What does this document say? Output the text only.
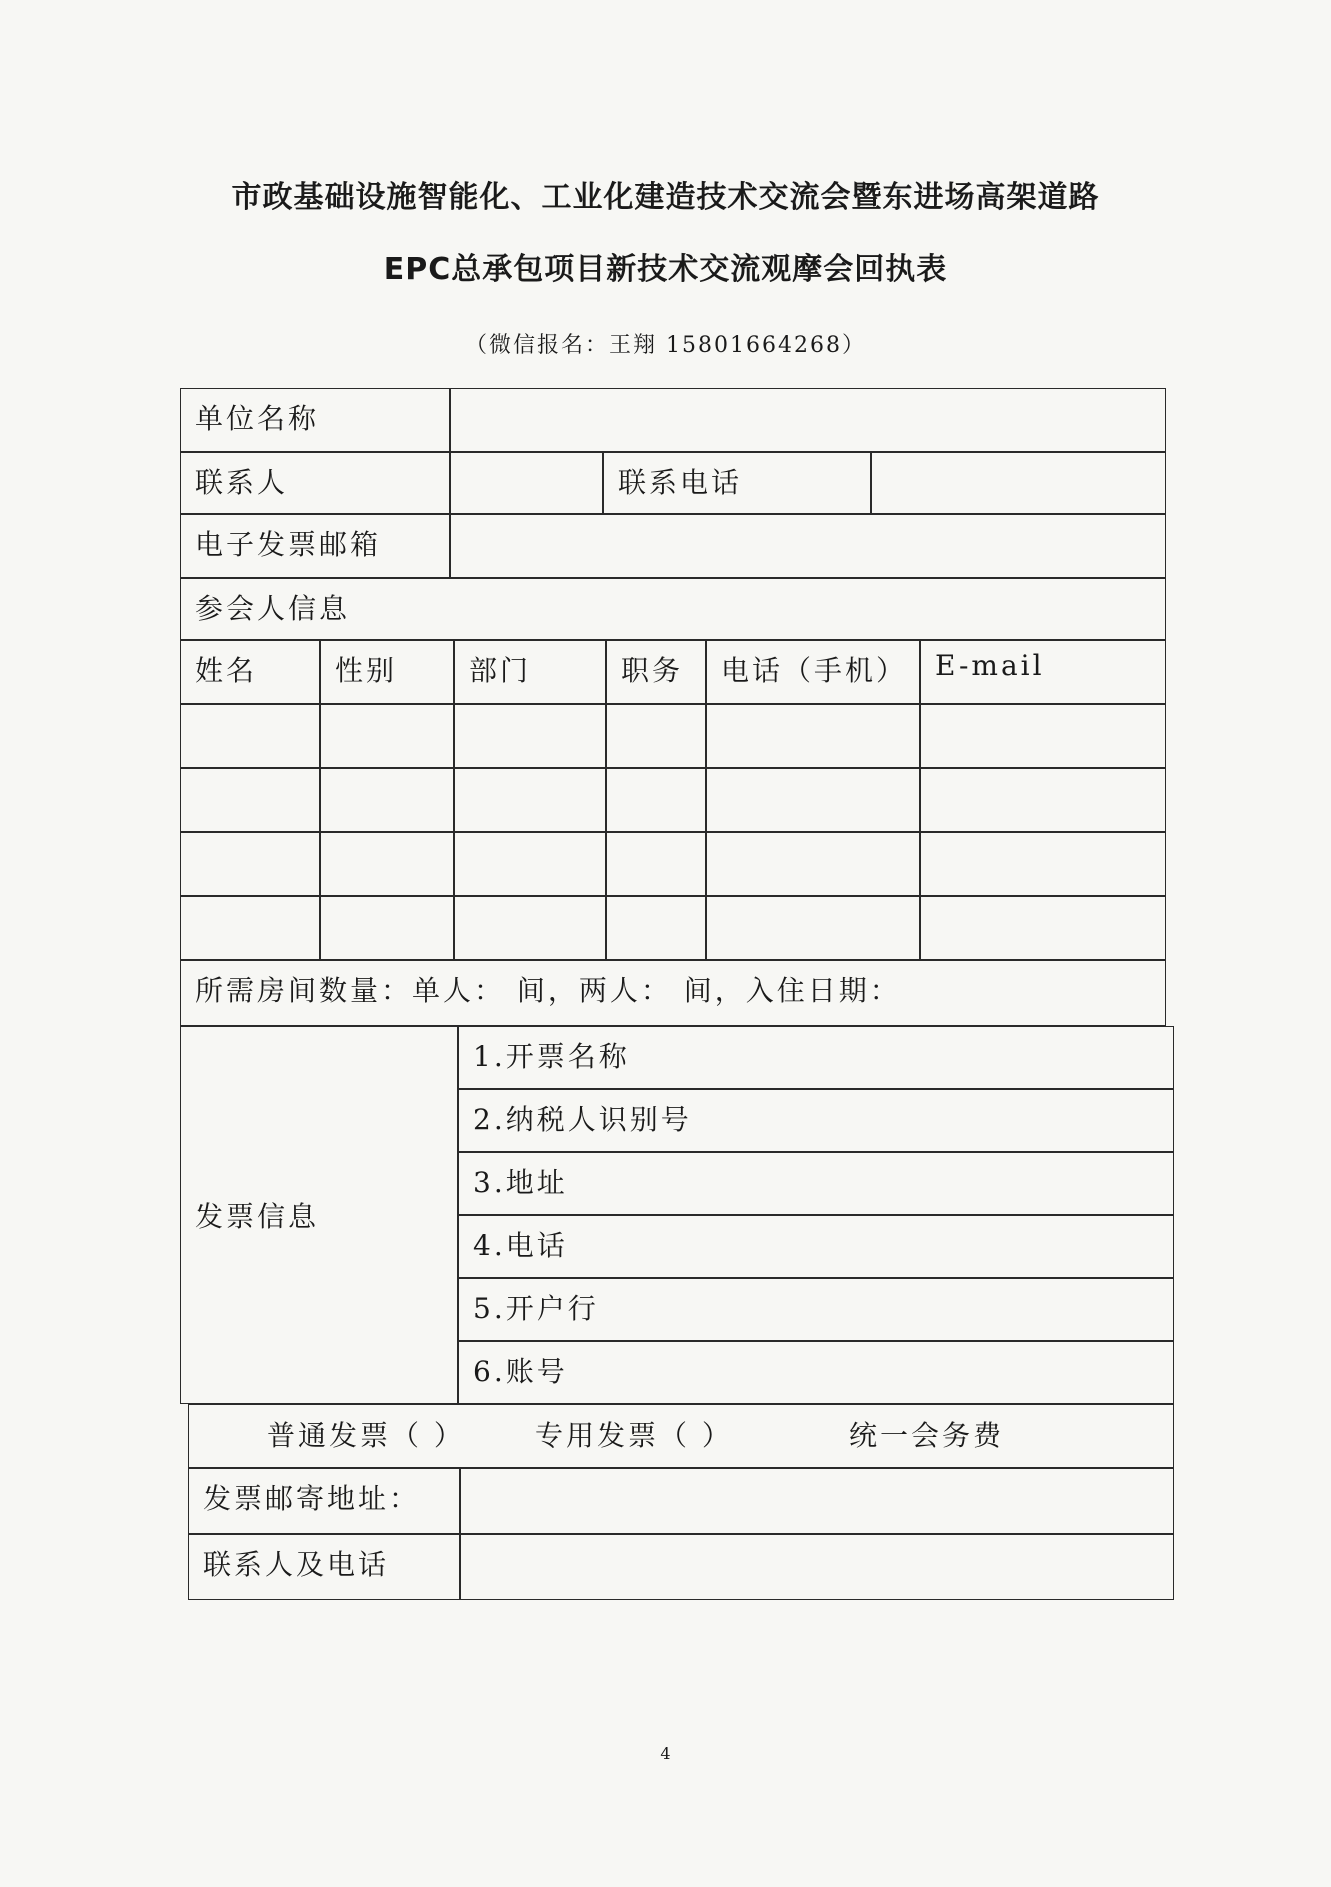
市政基础设施智能化、工业化建造技术交流会暨东进场高架道路
EPC总承包项目新技术交流观摩会回执表
（微信报名：王翔 15801664268）
单位名称
联系人	联系电话
电子发票邮箱
参会人信息
姓名	性别	部门	职务	电话（手机） E-mail
所需房间数量：单人： 间，两人： 间，入住日期：
发票信息
1.开票名称
2.纳税人识别号
3.地址
4.电话
5.开户行
6.账号
普通发票（ ）	专用发票（ ）	统一会务费
发票邮寄地址：
联系人及电话
4
